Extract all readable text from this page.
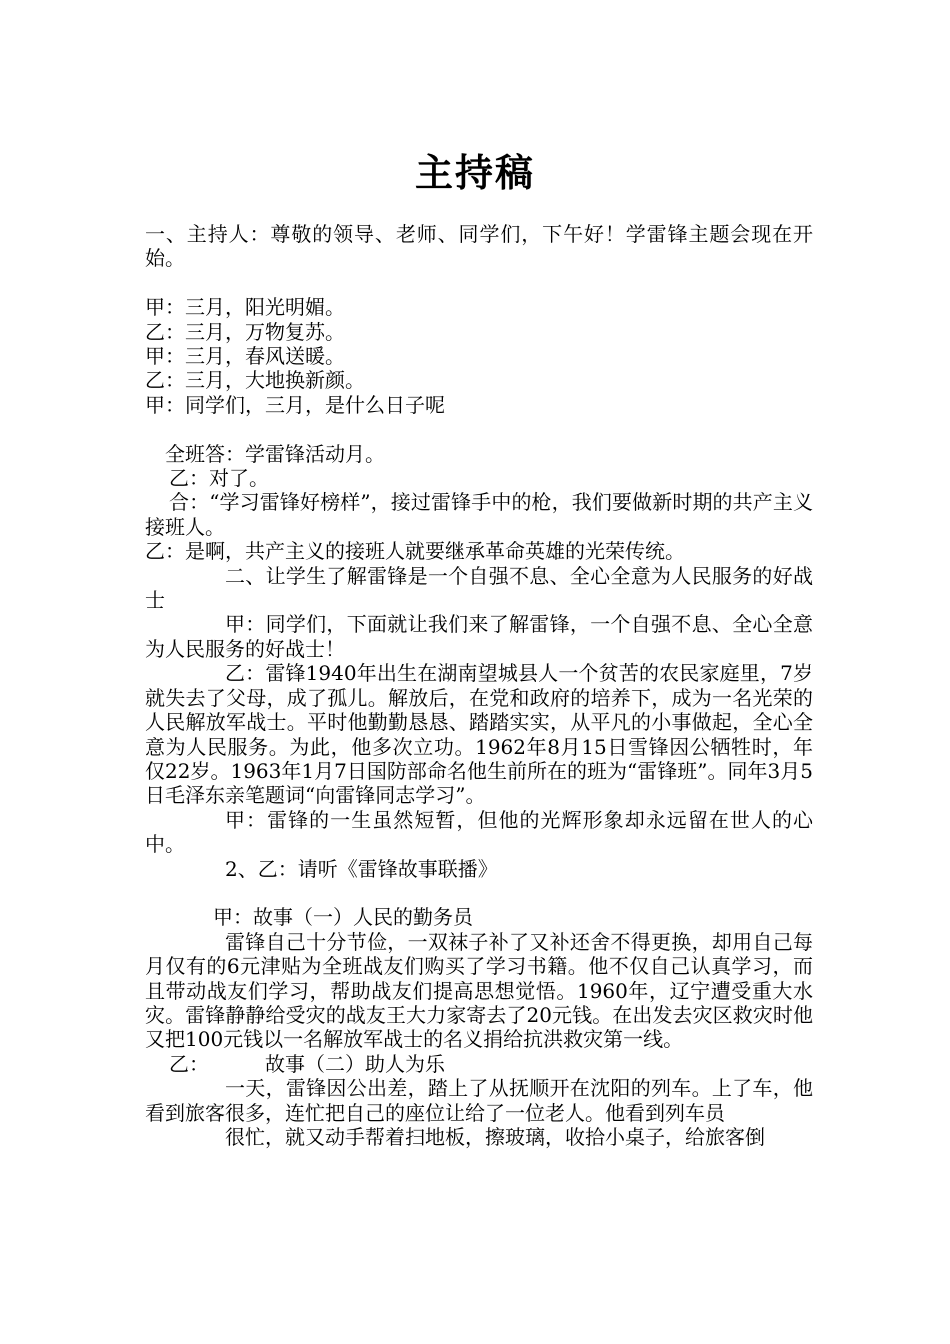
主持稿

一、主持人：尊敬的领导、老师、同学们，下午好！学雷锋主题会现在开始。

甲：三月，阳光明媚。

乙：三月，万物复苏。

甲：三月，春风送暖。

乙：三月，大地换新颜。

甲：同学们，三月，是什么日子呢

全班答：学雷锋活动月。

乙：对了。

合：“学习雷锋好榜样”，接过雷锋手中的枪，我们要做新时期的共产主义接班人。

乙：是啊，共产主义的接班人就要继承革命英雄的光荣传统。

二、让学生了解雷锋是一个自强不息、全心全意为人民服务的好战士

甲：同学们，下面就让我们来了解雷锋，一个自强不息、全心全意为人民服务的好战士！

乙：雷锋1940年出生在湖南望城县人一个贫苦的农民家庭里，7岁就失去了父母，成了孤儿。解放后，在党和政府的培养下，成为一名光荣的人民解放军战士。平时他勤勤恳恳、踏踏实实，从平凡的小事做起，全心全意为人民服务。为此，他多次立功。1962年8月15日雪锋因公牺牲时，年仅22岁。1963年1月7日国防部命名他生前所在的班为“雷锋班”。同年3月5日毛泽东亲笔题词“向雷锋同志学习”。

甲：雷锋的一生虽然短暂，但他的光辉形象却永远留在世人的心中。

2、乙：请听《雷锋故事联播》

甲：故事（一）人民的勤务员

雷锋自己十分节俭，一双袜子补了又补还舍不得更换，却用自己每月仅有的6元津贴为全班战友们购买了学习书籍。他不仅自己认真学习，而且带动战友们学习，帮助战友们提高思想觉悟。1960年，辽宁遭受重大水灾。雷锋静静给受灾的战友王大力家寄去了20元钱。在出发去灾区救灾时他又把100元钱以一名解放军战士的名义捐给抗洪救灾第一线。

乙：	故事（二）助人为乐

一天，雷锋因公出差，踏上了从抚顺开在沈阳的列车。上了车，他看到旅客很多，连忙把自己的座位让给了一位老人。他看到列车员

很忙，就又动手帮着扫地板，擦玻璃，收拾小桌子，给旅客倒
